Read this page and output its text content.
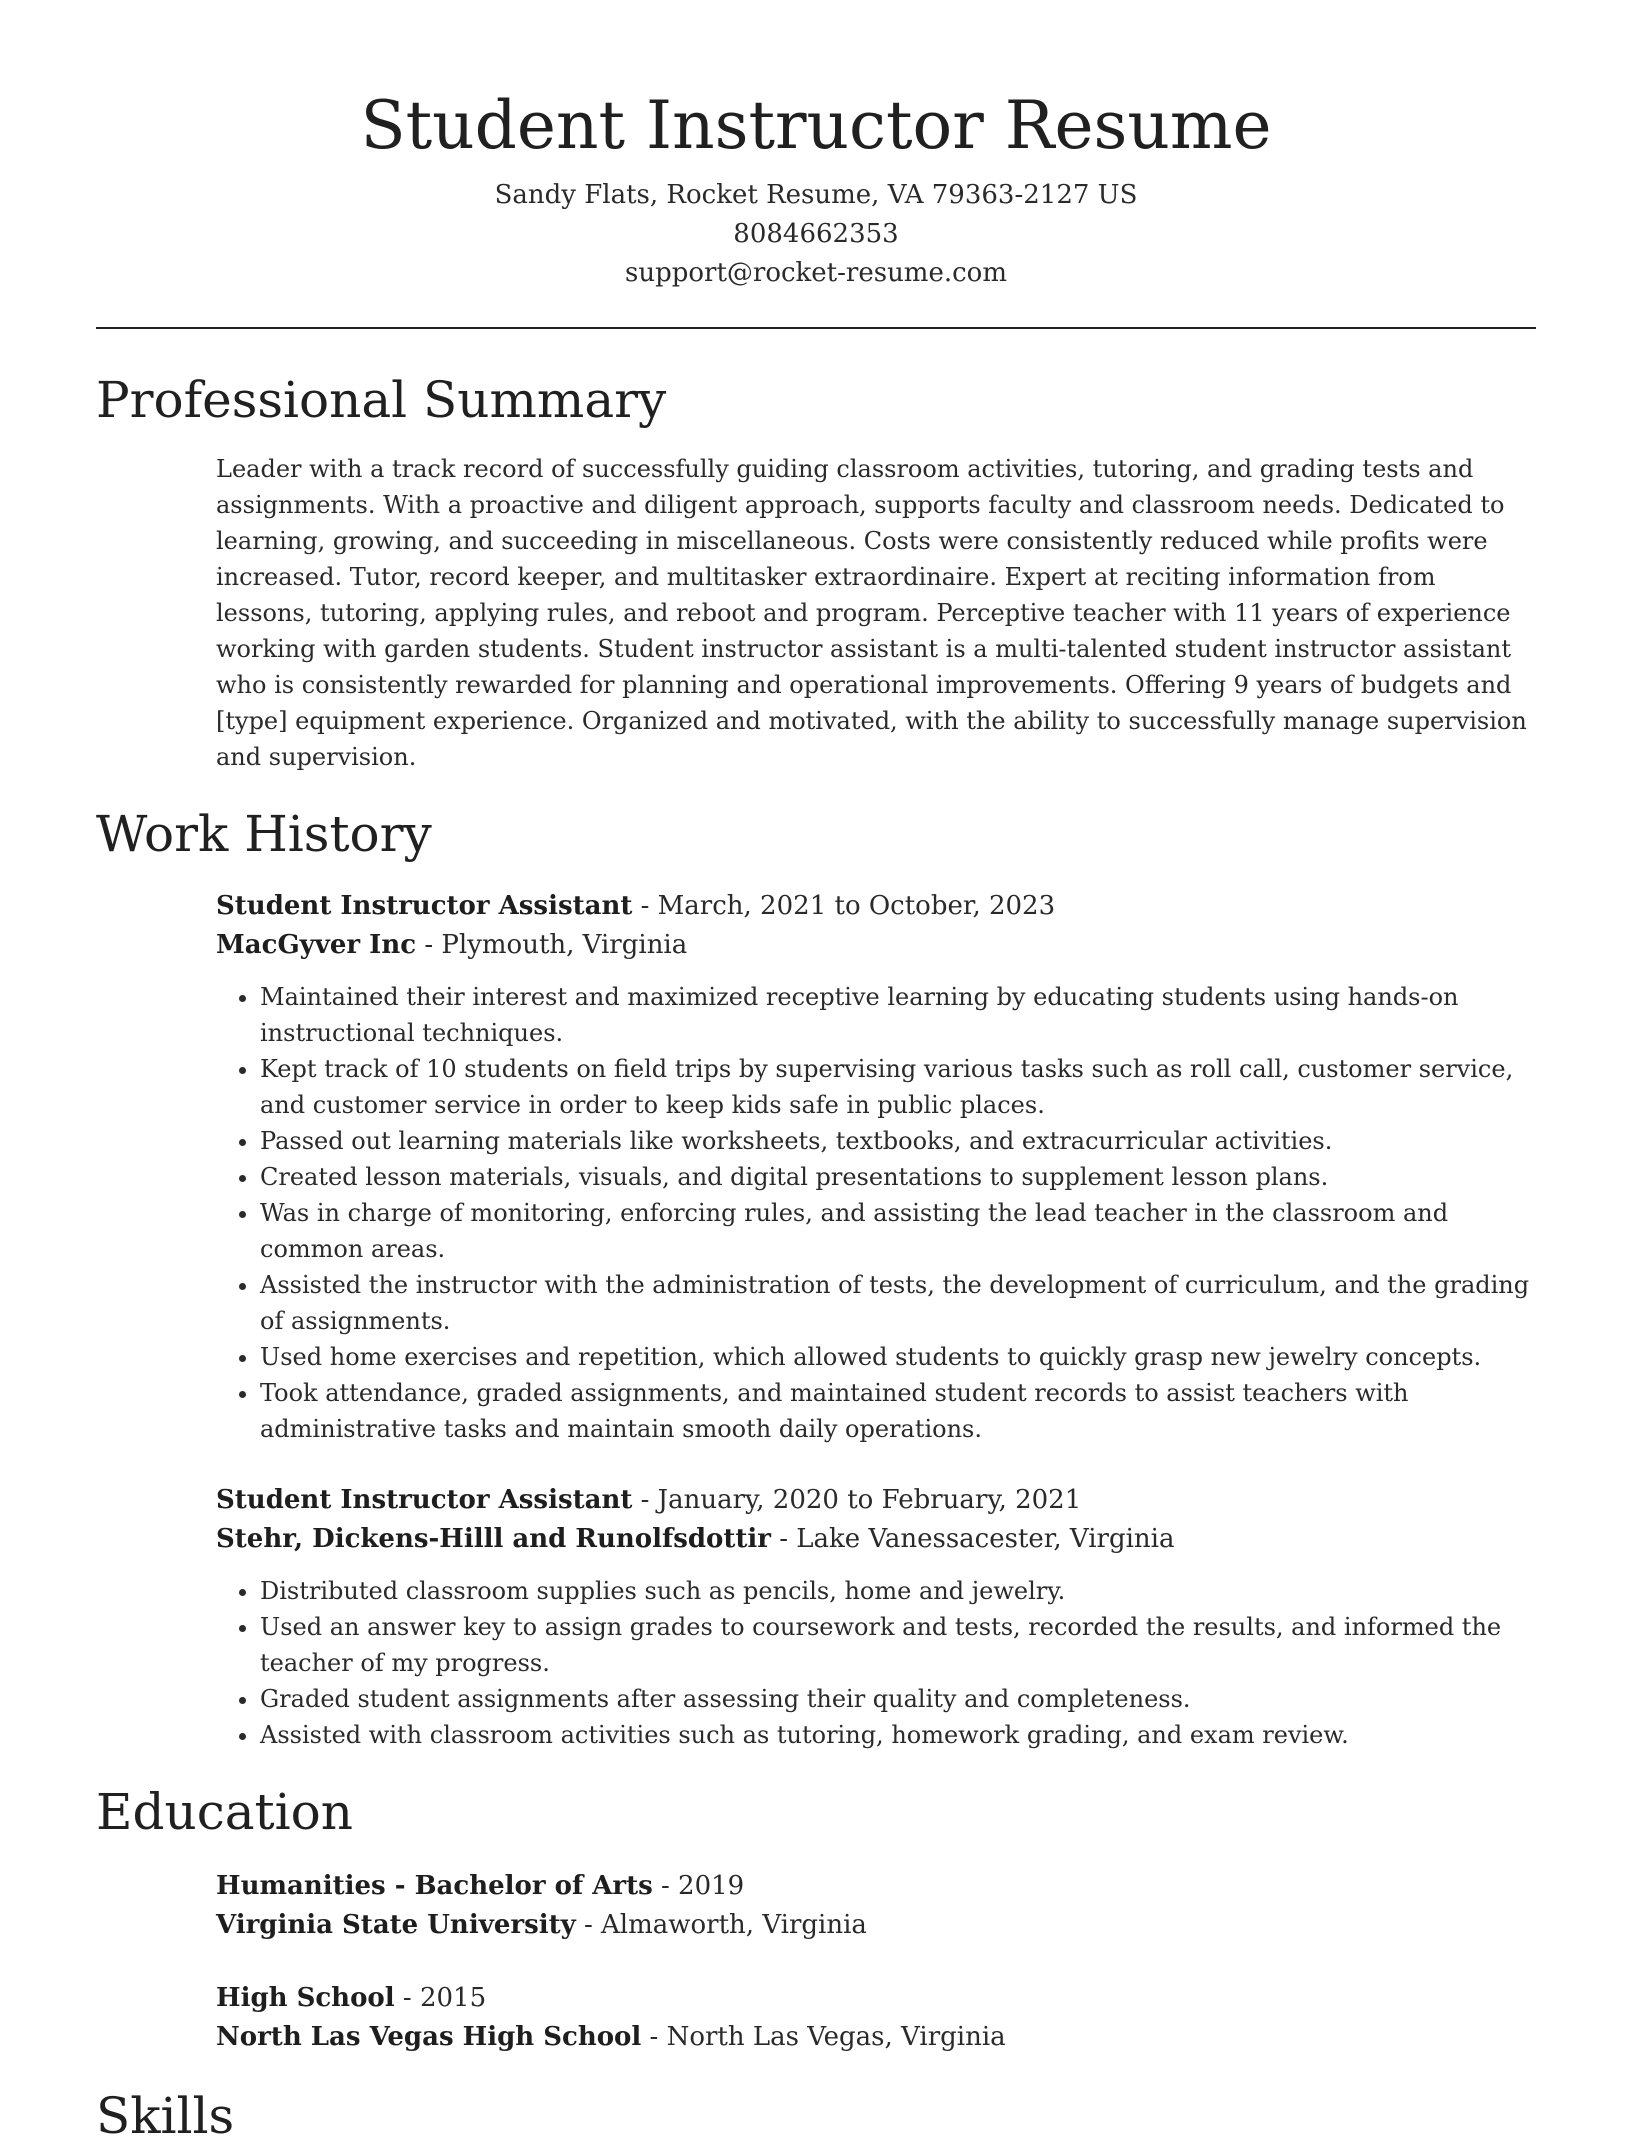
Student Instructor Resume
Sandy Flats, Rocket Resume, VA 79363-2127 US
8084662353
support@rocket-resume.com
Professional Summary

Leader with a track record of successfully guiding classroom activities, tutoring, and grading tests and assignments. With a proactive and diligent approach, supports faculty and classroom needs. Dedicated to learning, growing, and succeeding in miscellaneous. Costs were consistently reduced while profits were increased. Tutor, record keeper, and multitasker extraordinaire. Expert at reciting information from lessons, tutoring, applying rules, and reboot and program. Perceptive teacher with 11 years of experience working with garden students. Student instructor assistant is a multi-talented student instructor assistant who is consistently rewarded for planning and operational improvements. Offering 9 years of budgets and [type] equipment experience. Organized and motivated, with the ability to successfully manage supervision and supervision.

Work History
Student Instructor Assistant - March, 2021 to October, 2023
MacGyver Inc - Plymouth, Virginia
• Maintained their interest and maximized receptive learning by educating students using hands-on instructional techniques.
• Kept track of 10 students on field trips by supervising various tasks such as roll call, customer service, and customer service in order to keep kids safe in public places.
• Passed out learning materials like worksheets, textbooks, and extracurricular activities.
• Created lesson materials, visuals, and digital presentations to supplement lesson plans.
• Was in charge of monitoring, enforcing rules, and assisting the lead teacher in the classroom and common areas.
• Assisted the instructor with the administration of tests, the development of curriculum, and the grading of assignments.
• Used home exercises and repetition, which allowed students to quickly grasp new jewelry concepts.
• Took attendance, graded assignments, and maintained student records to assist teachers with administrative tasks and maintain smooth daily operations.
Student Instructor Assistant - January, 2020 to February, 2021
Stehr, Dickens-Hilll and Runolfsdottir - Lake Vanessacester, Virginia
• Distributed classroom supplies such as pencils, home and jewelry.
• Used an answer key to assign grades to coursework and tests, recorded the results, and informed the teacher of my progress.
• Graded student assignments after assessing their quality and completeness.
• Assisted with classroom activities such as tutoring, homework grading, and exam review.
Education
Humanities - Bachelor of Arts - 2019
Virginia State University - Almaworth, Virginia
High School - 2015
North Las Vegas High School - North Las Vegas, Virginia
Skills
